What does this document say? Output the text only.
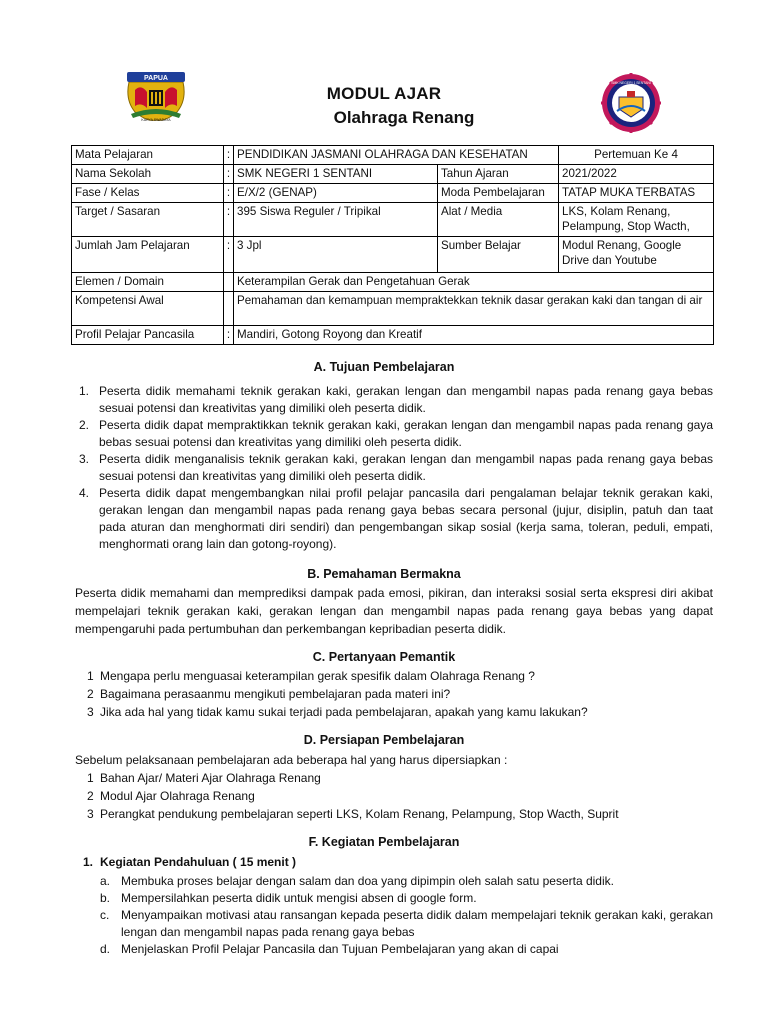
PAPUA
KARYA SWADAYA
MODUL AJAR
Olahraga Renang
SMK NEGERI 1 SENTANI
Mata Pelajaran	:	PENDIDIKAN JASMANI OLAHRAGA DAN KESEHATAN		Pertemuan Ke 4
Nama Sekolah	:	SMK NEGERI 1 SENTANI	Tahun Ajaran	2021/2022
Fase / Kelas	:	E/X/2 (GENAP)	Moda Pembelajaran	TATAP MUKA TERBATAS
Target / Sasaran	:	395 Siswa Reguler / Tripikal	Alat / Media	LKS, Kolam Renang, Pelampung, Stop Wacth,
Jumlah Jam Pelajaran	:	3 Jpl	Sumber Belajar	Modul Renang, Google Drive dan Youtube
Elemen / Domain		Keterampilan Gerak dan Pengetahuan Gerak		
Kompetensi Awal		Pemahaman dan kemampuan mempraktekkan teknik dasar gerakan kaki dan tangan di air		
Profil Pelajar Pancasila	:	Mandiri, Gotong Royong dan Kreatif		
A. Tujuan Pembelajaran
1. Peserta didik memahami teknik gerakan kaki, gerakan lengan dan mengambil napas pada renang gaya bebas sesuai potensi dan kreativitas yang dimiliki oleh peserta didik.
2. Peserta didik dapat mempraktikkan teknik gerakan kaki, gerakan lengan dan mengambil napas pada renang gaya bebas sesuai potensi dan kreativitas yang dimiliki oleh peserta didik.
3. Peserta didik menganalisis teknik gerakan kaki, gerakan lengan dan mengambil napas pada renang gaya bebas sesuai potensi dan kreativitas yang dimiliki oleh peserta didik.
4. Peserta didik dapat mengembangkan nilai profil pelajar pancasila dari pengalaman belajar teknik gerakan kaki, gerakan lengan dan mengambil napas pada renang gaya bebas secara personal (jujur, disiplin, patuh dan taat pada aturan dan menghormati diri sendiri) dan pengembangan sikap sosial (kerja sama, toleran, peduli, empati, menghormati orang lain dan gotong-royong).
B. Pemahaman Bermakna
Peserta didik memahami dan memprediksi dampak pada emosi, pikiran, dan interaksi sosial serta ekspresi diri akibat mempelajari teknik gerakan kaki, gerakan lengan dan mengambil napas pada renang gaya bebas yang dapat mempengaruhi pada pertumbuhan dan perkembangan kepribadian peserta didik.
C. Pertanyaan Pemantik
1 Mengapa perlu menguasai keterampilan gerak spesifik dalam Olahraga Renang ?
2 Bagaimana perasaanmu mengikuti pembelajaran pada materi ini?
3 Jika ada hal yang tidak kamu sukai terjadi pada pembelajaran, apakah yang kamu lakukan?
D. Persiapan Pembelajaran
Sebelum pelaksanaan pembelajaran ada beberapa hal yang harus dipersiapkan :
1 Bahan Ajar/ Materi Ajar Olahraga Renang
2 Modul Ajar Olahraga Renang
3 Perangkat pendukung pembelajaran seperti LKS, Kolam Renang, Pelampung, Stop Wacth, Suprit
F. Kegiatan Pembelajaran
1. Kegiatan Pendahuluan ( 15 menit )
a. Membuka proses belajar dengan salam dan doa yang dipimpin oleh salah satu peserta didik.
b. Mempersilahkan peserta didik untuk mengisi absen di google form.
c. Menyampaikan motivasi atau ransangan kepada peserta didik dalam mempelajari teknik gerakan kaki, gerakan lengan dan mengambil napas pada renang gaya bebas
d. Menjelaskan Profil Pelajar Pancasila dan Tujuan Pembelajaran yang akan di capai
